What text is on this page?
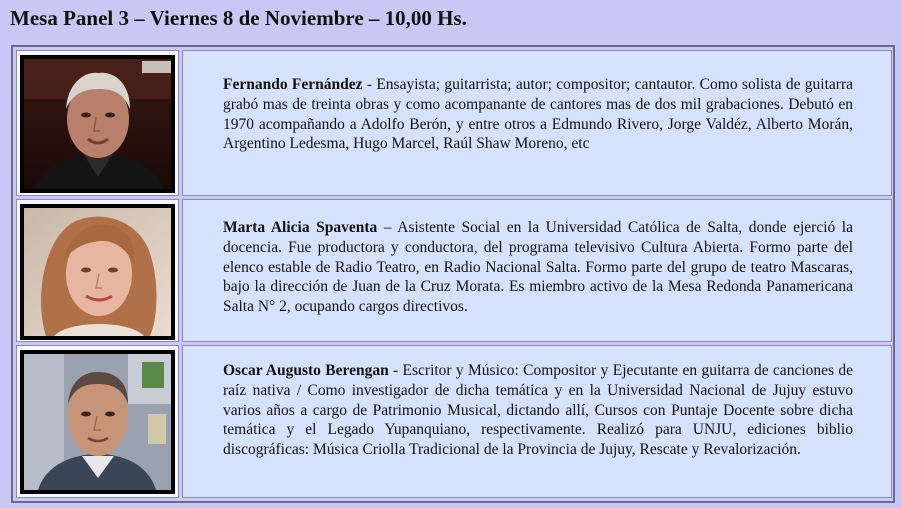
Mesa Panel 3 – Viernes 8 de Noviembre – 10,00 Hs.

Fernando Fernández - Ensayista; guitarrista; autor; compositor; cantautor. Como solista de guitarra grabó mas de treinta obras y como acompanante de cantores mas de dos mil grabaciones. Debutó en 1970 acompañando a Adolfo Berón, y entre otros a Edmundo Rivero, Jorge Valdéz, Alberto Morán, Argentino Ledesma, Hugo Marcel, Raúl Shaw Moreno, etc

Marta Alicia Spaventa – Asistente Social en la Universidad Católica de Salta, donde ejerció la docencia. Fue productora y conductora, del programa televisivo Cultura Abierta. Formo parte del elenco estable de Radio Teatro, en Radio Nacional Salta. Formo parte del grupo de teatro Mascaras, bajo la dirección de Juan de la Cruz Morata. Es miembro activo de la Mesa Redonda Panamericana Salta N° 2, ocupando cargos directivos.

Oscar Augusto Berengan - Escritor y Músico: Compositor y Ejecutante en guitarra de canciones de raíz nativa / Como investigador de dicha temática y en la Universidad Nacional de Jujuy estuvo varios años a cargo de Patrimonio Musical, dictando allí, Cursos con Puntaje Docente sobre dicha temática y el Legado Yupanquiano, respectivamente. Realizó para UNJU, ediciones biblio discográficas: Música Criolla Tradicional de la Provincia de Jujuy, Rescate y Revalorización.
